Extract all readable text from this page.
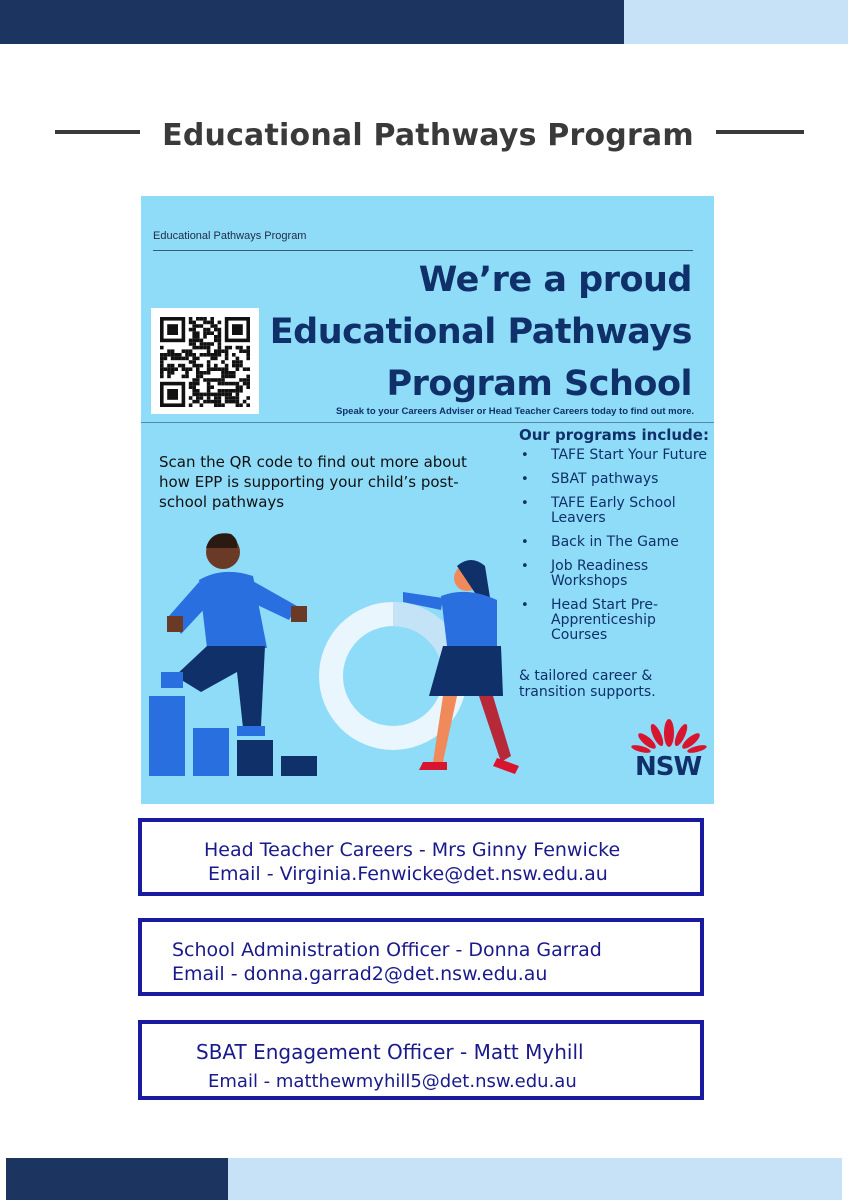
Educational Pathways Program
Educational Pathways Program
We’re a proud
Educational Pathways
Program School
Speak to your Careers Adviser or Head Teacher Careers today to find out more.
Scan the QR code to find out more about how EPP is supporting your child’s post-school pathways
Our programs include:
• TAFE Start Your Future
• SBAT pathways
• TAFE Early School Leavers
• Back in The Game
• Job Readiness Workshops
• Head Start Pre-Apprenticeship Courses
& tailored career & transition supports.
NSW
Head Teacher Careers - Mrs Ginny Fenwicke
Email - Virginia.Fenwicke@det.nsw.edu.au
School Administration Officer - Donna Garrad
Email - donna.garrad2@det.nsw.edu.au
SBAT Engagement Officer - Matt Myhill
Email - matthewmyhill5@det.nsw.edu.au
